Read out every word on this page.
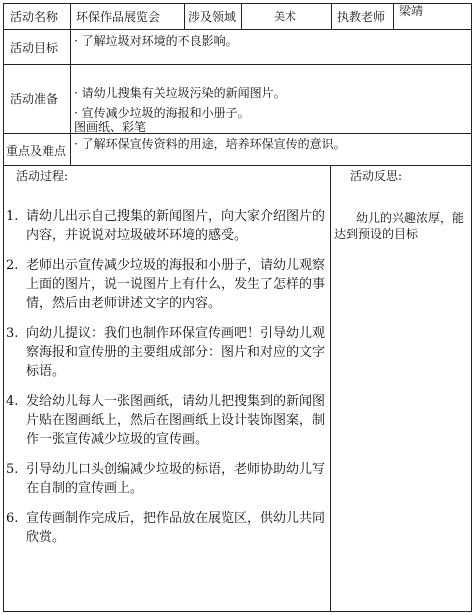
活动名称 环保作品展览会 涉及领域	美术	执教老师 梁靖
活动目标 · 了解垃圾对环境的不良影响。
活动准备 · 请幼儿搜集有关垃圾污染的新闻图片。
· 宣传减少垃圾的海报和小册子。
图画纸、彩笔
重点及难点 · 了解环保宣传资料的用途，培养环保宣传的意识。
活动过程:	活动反思:
1. 请幼儿出示自己搜集的新闻图片，向大家介绍图片的内容，并说说对垃圾破坏环境的感受。
2. 老师出示宣传减少垃圾的海报和小册子，请幼儿观察上面的图片，说一说图片上有什么，发生了怎样的事情，然后由老师讲述文字的内容。
3. 向幼儿提议：我们也制作环保宣传画吧！引导幼儿观察海报和宣传册的主要组成部分：图片和对应的文字标语。
4. 发给幼儿每人一张图画纸，请幼儿把搜集到的新闻图片贴在图画纸上，然后在图画纸上设计装饰图案，制作一张宣传减少垃圾的宣传画。
5. 引导幼儿口头创编减少垃圾的标语，老师协助幼儿写在自制的宣传画上。
6. 宣传画制作完成后，把作品放在展览区，供幼儿共同欣赏。
幼儿的兴趣浓厚，能达到预设的目标
